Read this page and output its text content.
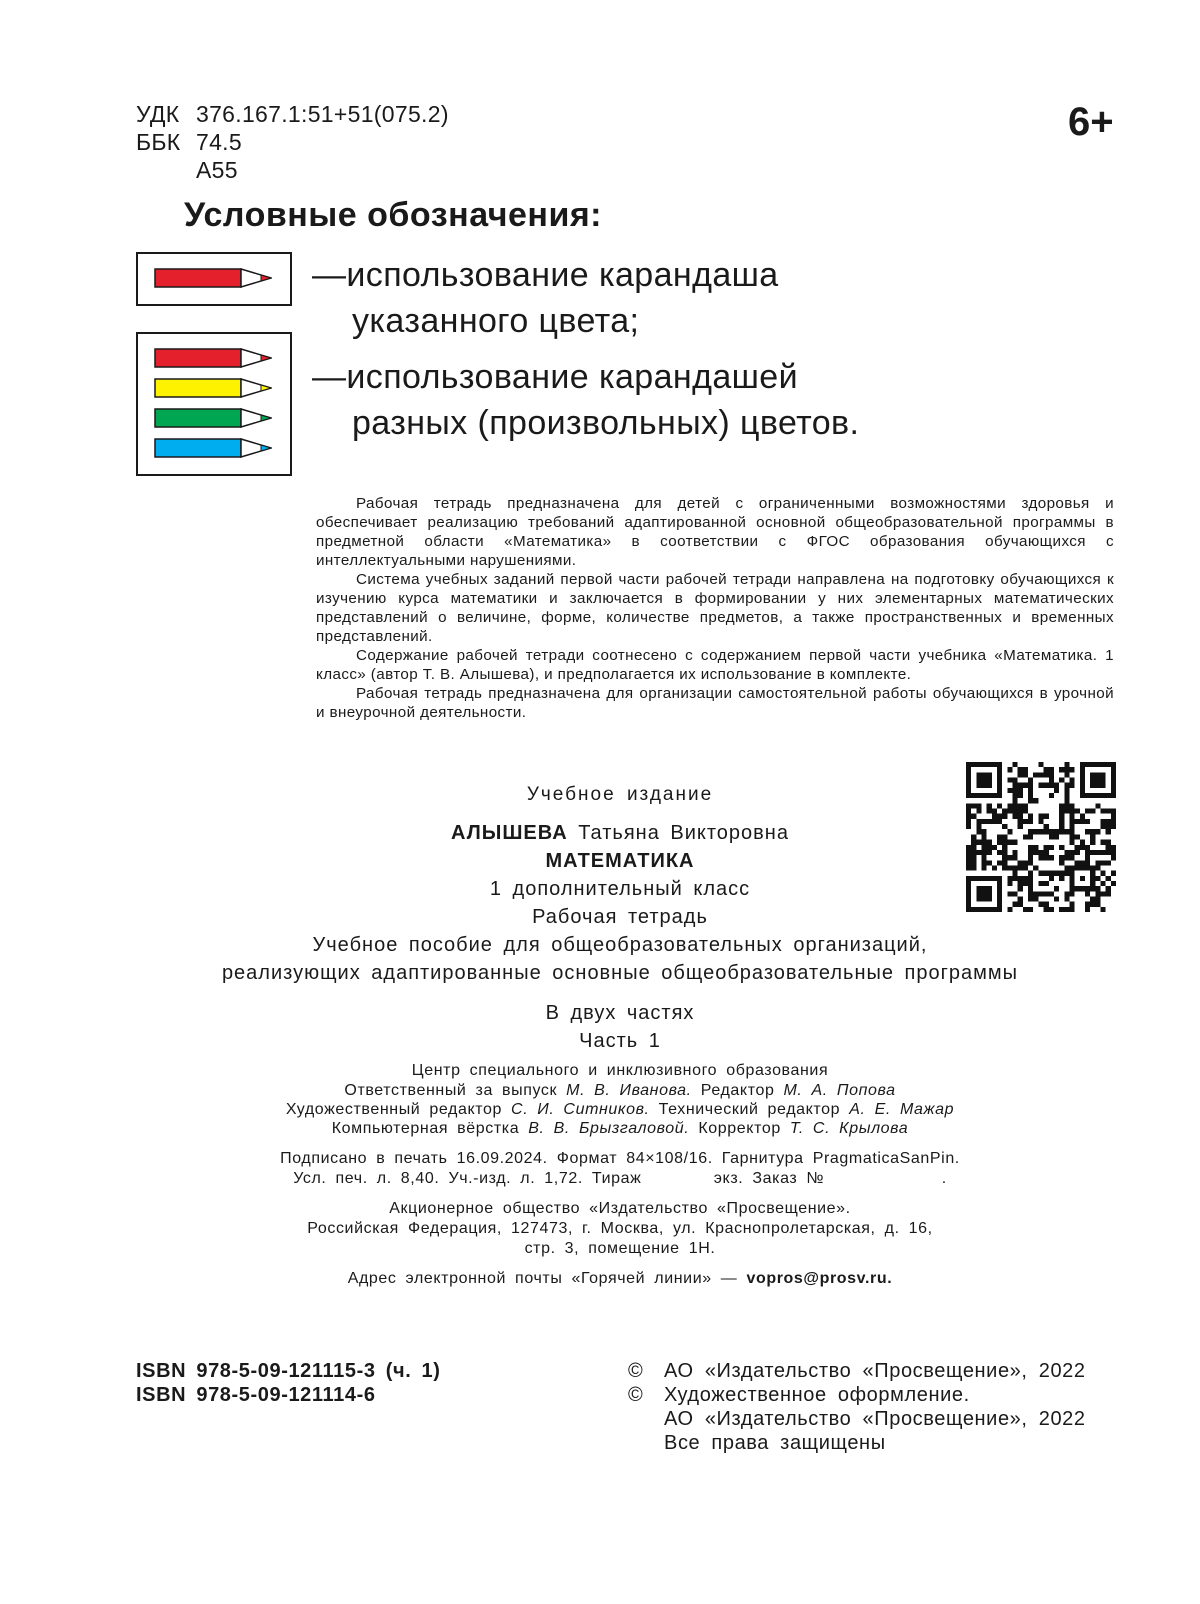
УДК 376.167.1:51+51(075.2)
ББК 74.5
А55
6+
Условные обозначения:
—использование карандаша
указанного цвета;
—использование карандашей
разных (произвольных) цветов.

Рабочая тетрадь предназначена для детей с ограниченными возможностями здоровья и обеспечивает реализацию требований адаптированной основной общеобразовательной программы в предметной области «Математика» в соответствии с ФГОС образования обучающихся с интеллектуальными нарушениями.

Система учебных заданий первой части рабочей тетради направлена на подготовку обучающихся к изучению курса математики и заключается в формировании у них элементарных математических представлений о величине, форме, количестве предметов, а также пространственных и временных представлений.

Содержание рабочей тетради соотнесено с содержанием первой части учебника «Математика. 1 класс» (автор Т. В. Алышева), и предполагается их использование в комплекте.

Рабочая тетрадь предназначена для организации самостоятельной работы обучающихся в урочной и внеурочной деятельности.

Учебное издание
АЛЫШЕВА Татьяна Викторовна
МАТЕМАТИКА
1 дополнительный класс
Рабочая тетрадь
Учебное пособие для общеобразовательных организаций,
реализующих адаптированные основные общеобразовательные программы
В двух частях
Часть 1
Центр специального и инклюзивного образования
Ответственный за выпуск М. В. Иванова. Редактор М. А. Попова
Художественный редактор С. И. Ситников. Технический редактор А. Е. Мажар
Компьютерная вёрстка В. В. Брызгаловой. Корректор Т. С. Крылова
Подписано в печать 16.09.2024. Формат 84×108/16. Гарнитура PragmaticaSanPin.
Усл. печ. л. 8,40. Уч.-изд. л. 1,72. Тираж        экз. Заказ №             .
Акционерное общество «Издательство «Просвещение».
Российская Федерация, 127473, г. Москва, ул. Краснопролетарская, д. 16,
стр. 3, помещение 1Н.
Адрес электронной почты «Горячей линии» — vopros@prosv.ru.
ISBN 978-5-09-121115-3 (ч. 1)
ISBN 978-5-09-121114-6
© АО «Издательство «Просвещение», 2022
© Художественное оформление.
АО «Издательство «Просвещение», 2022
Все права защищены
